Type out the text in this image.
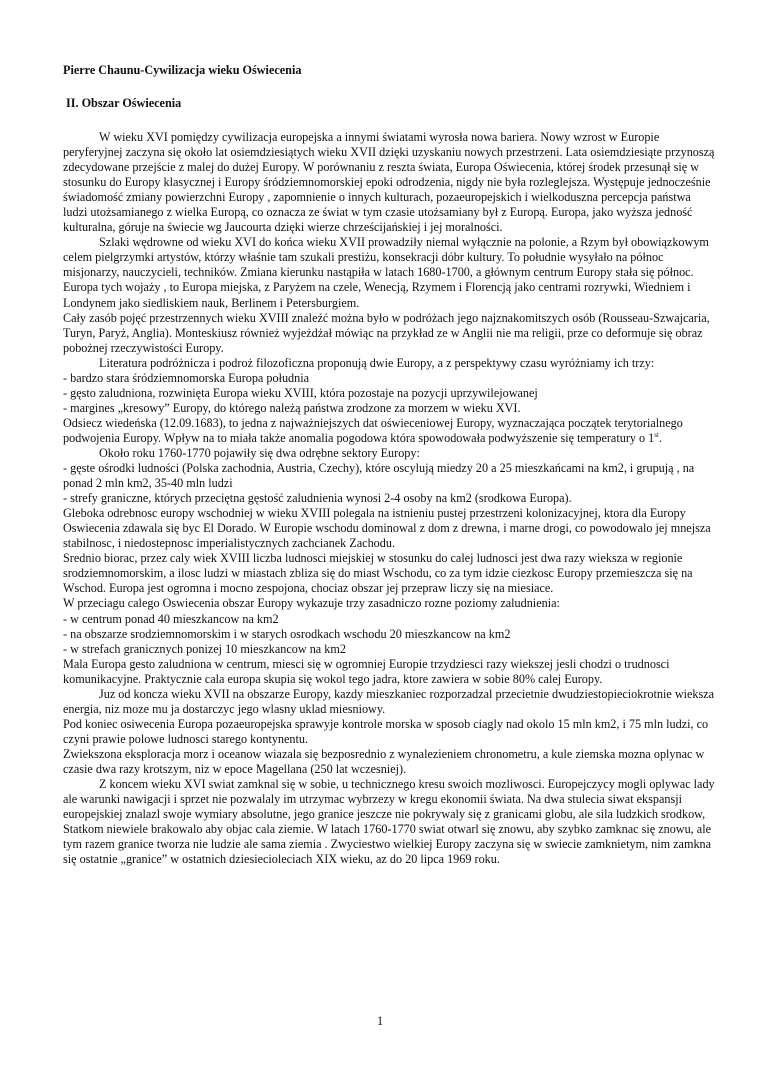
Pierre Chaunu-Cywilizacja wieku Oświecenia

II. Obszar Oświecenia

W wieku XVI pomiędzy cywilizacja europejska a innymi światami wyrosła nowa bariera. Nowy wzrost w Europie peryferyjnej zaczyna się około lat osiemdziesiątych wieku XVII dzięki uzyskaniu nowych przestrzeni. Lata osiemdziesiąte przynoszą zdecydowane przejście z malej do dużej Europy. W porównaniu z reszta świata, Europa Oświecenia, której środek przesunął się w stosunku do Europy klasycznej i Europy śródziemnomorskiej epoki odrodzenia, nigdy nie była rozleglejsza. Występuje jednocześnie świadomość zmiany powierzchni Europy , zapomnienie o innych kulturach, pozaeuropejskich i wielkoduszna percepcja państwa ludzi utożsamianego z wielka Europą, co oznacza ze świat w tym czasie utożsamiany był z Europą. Europa, jako wyższa jedność kulturalna, góruje na świecie wg Jaucourta dzięki wierze chrześcijańskiej i jej moralności.

Szlaki wędrowne od wieku XVI do końca wieku XVII prowadziły niemal wyłącznie na polonie, a Rzym był obowiązkowym celem pielgrzymki artystów, którzy właśnie tam szukali prestiżu, konsekracji dóbr kultury. To południe wysyłało na północ misjonarzy, nauczycieli, techników. Zmiana kierunku nastąpiła w latach 1680-1700, a głównym centrum Europy stała się północ. Europa tych wojaży , to Europa miejska, z Paryżem na czele, Wenecją, Rzymem i Florencją jako centrami rozrywki, Wiedniem i Londynem jako siedliskiem nauk, Berlinem i Petersburgiem.

Cały zasób pojęć przestrzennych wieku XVIII znaleźć można było w podróżach jego najznakomitszych osób (Rousseau-Szwajcaria, Turyn, Paryż, Anglia). Monteskiusz również wyjeżdżał mówiąc na przykład ze w Anglii nie ma religii, prze co deformuje się obraz pobożnej rzeczywistości Europy.

Literatura podróżnicza i podroż filozoficzna proponują dwie Europy, a z perspektywy czasu wyróżniamy ich trzy:

- bardzo stara śródziemnomorska Europa południa

- gęsto zaludniona, rozwinięta Europa wieku XVIII, która pozostaje na pozycji uprzywilejowanej

- margines „kresowy” Europy, do którego należą państwa zrodzone za morzem w wieku XVI.

Odsiecz wiedeńska (12.09.1683), to jedna z najważniejszych dat oświeceniowej Europy, wyznaczająca początek terytorialnego podwojenia Europy. Wpływ na to miała także anomalia pogodowa która spowodowała podwyższenie się temperatury o 1st.

Około roku 1760-1770 pojawiły się dwa odrębne sektory Europy:

- gęste ośrodki ludności (Polska zachodnia, Austria, Czechy), które oscylują miedzy 20 a 25 mieszkańcami na km2, i grupują , na ponad 2 mln km2, 35-40 mln ludzi

- strefy graniczne, których przeciętna gęstość zaludnienia wynosi 2-4 osoby na km2 (srodkowa Europa).

Gleboka odrebnosc europy wschodniej w wieku XVIII polegala na istnieniu pustej przestrzeni kolonizacyjnej, ktora dla Europy Oswiecenia zdawala się byc El Dorado. W Europie wschodu dominowal z dom z drewna, i marne drogi, co powodowalo jej mnejsza stabilnosc, i niedostepnosc imperialistycznych zachcianek Zachodu.

Srednio biorac, przez caly wiek XVIII liczba ludnosci miejskiej w stosunku do calej ludnosci jest dwa razy wieksza w regionie srodziemnomorskim, a ilosc ludzi w miastach zbliza się do miast Wschodu, co za tym idzie ciezkosc Europy przemieszcza się na Wschod. Europa jest ogromna i mocno zespojona, chociaz obszar jej przepraw liczy się na miesiace.

W przeciagu calego Oswiecenia obszar Europy wykazuje trzy zasadniczo rozne poziomy zaludnienia:

- w centrum ponad 40 mieszkancow na km2

- na obszarze srodziemnomorskim i w starych osrodkach wschodu 20 mieszkancow na km2

- w strefach granicznych ponizej 10 mieszkancow na km2

Mala Europa gesto zaludniona w centrum, miesci się w ogromniej Europie trzydziesci razy wiekszej jesli chodzi o trudnosci komunikacyjne. Praktycznie cala europa skupia się wokol tego jadra, ktore zawiera w sobie 80% calej Europy.

Juz od koncza wieku XVII na obszarze Europy, kazdy mieszkaniec rozporzadzal przecietnie dwudziestopieciokrotnie wieksza energia, niz moze mu ja dostarczyc jego wlasny uklad miesniowy.

Pod koniec osiwecenia Europa pozaeuropejska sprawyje kontrole morska w sposob ciagly nad okolo 15 mln km2, i 75 mln ludzi, co czyni prawie polowe ludnosci starego kontynentu.

Zwiekszona eksploracja morz i oceanow wiazala się bezposrednio z wynalezieniem chronometru, a kule ziemska mozna oplynac w czasie dwa razy krotszym, niz w epoce Magellana (250 lat wczesniej).

Z koncem wieku XVI swiat zamknal się w sobie, u technicznego kresu swoich mozliwosci. Europejczycy mogli oplywac lady ale warunki nawigacji i sprzet nie pozwalaly im utrzymac wybrzezy w kregu ekonomii świata. Na dwa stulecia siwat ekspansji europejskiej znalazl swoje wymiary absolutne, jego granice jeszcze nie pokrywaly się z granicami globu, ale sila ludzkich srodkow, Statkom niewiele brakowalo aby objac cala ziemie. W latach 1760-1770 swiat otwarl się znowu, aby szybko zamknac się znowu, ale tym razem granice tworza nie ludzie ale sama ziemia . Zwyciestwo wielkiej Europy zaczyna się w swiecie zamknietym, nim zamkna się ostatnie „granice” w ostatnich dziesiecioleciach XIX wieku, az do 20 lipca 1969 roku.

1
